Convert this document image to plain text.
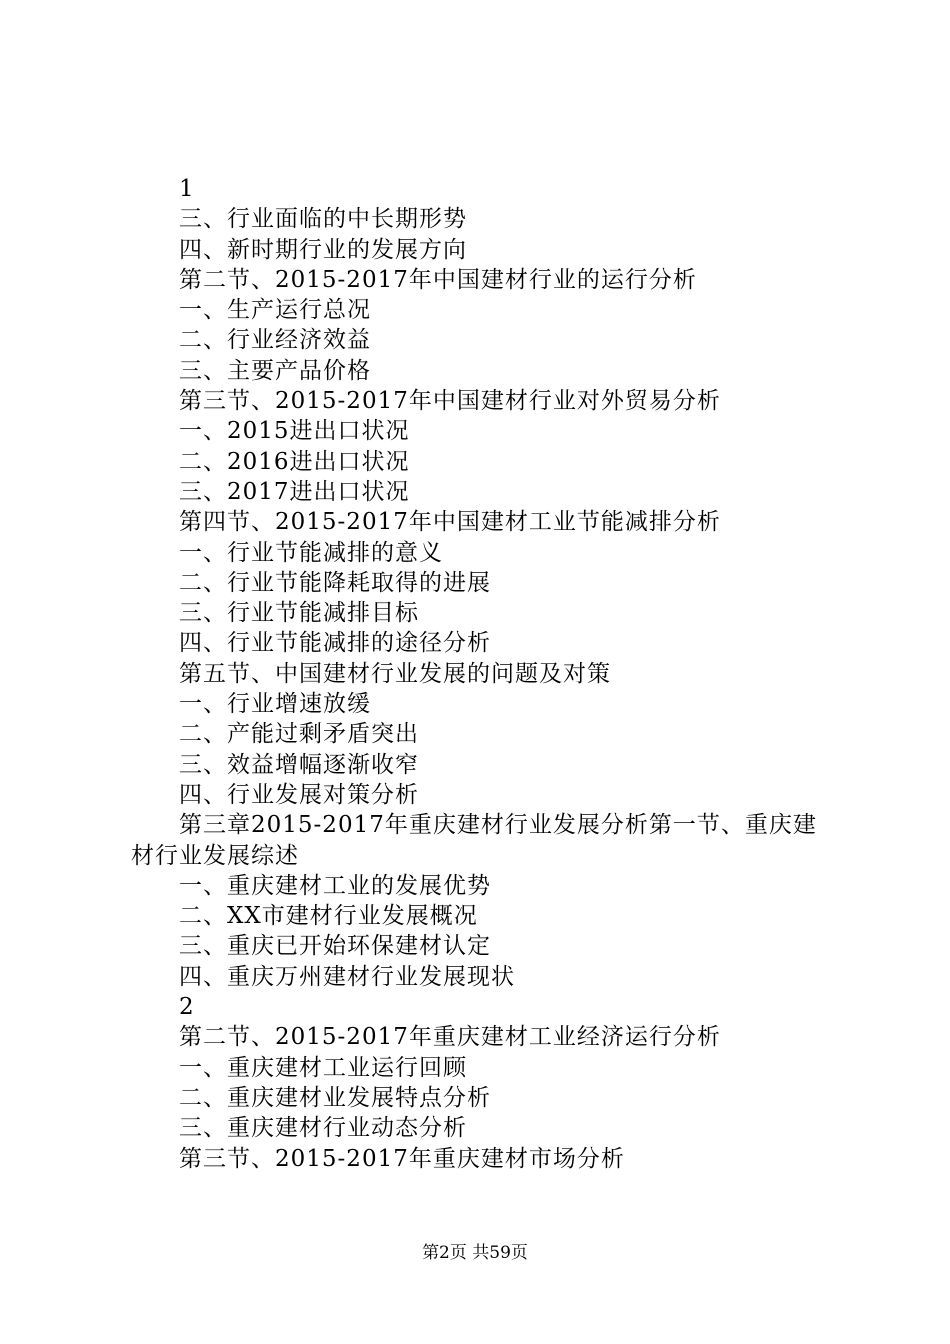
1
三、行业面临的中长期形势
四、新时期行业的发展方向
第二节、2015-2017年中国建材行业的运行分析
一、生产运行总况
二、行业经济效益
三、主要产品价格
第三节、2015-2017年中国建材行业对外贸易分析
一、2015进出口状况
二、2016进出口状况
三、2017进出口状况
第四节、2015-2017年中国建材工业节能减排分析
一、行业节能减排的意义
二、行业节能降耗取得的进展
三、行业节能减排目标
四、行业节能减排的途径分析
第五节、中国建材行业发展的问题及对策
一、行业增速放缓
二、产能过剩矛盾突出
三、效益增幅逐渐收窄
四、行业发展对策分析
第三章2015-2017年重庆建材行业发展分析第一节、重庆建材行业发展综述
一、重庆建材工业的发展优势
二、XX市建材行业发展概况
三、重庆已开始环保建材认定
四、重庆万州建材行业发展现状
2
第二节、2015-2017年重庆建材工业经济运行分析
一、重庆建材工业运行回顾
二、重庆建材业发展特点分析
三、重庆建材行业动态分析
第三节、2015-2017年重庆建材市场分析
第2页 共59页
